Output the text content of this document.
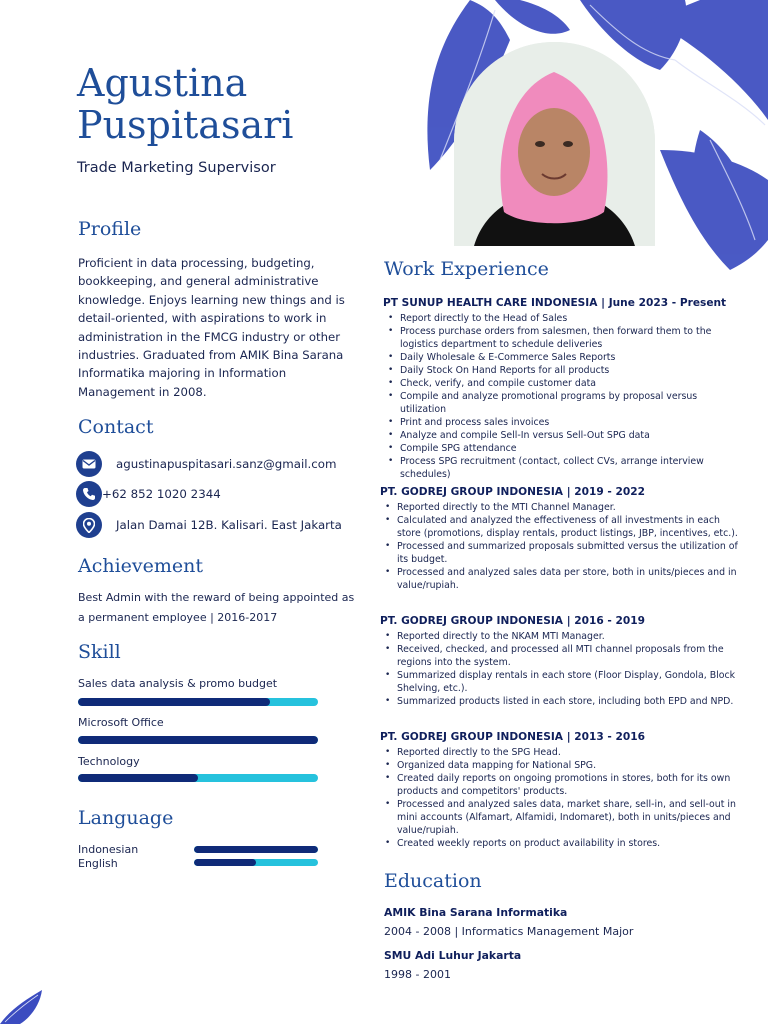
Agustina
Puspitasari
Trade Marketing Supervisor
Profile
Proficient in data processing, budgeting, bookkeeping, and general administrative knowledge. Enjoys learning new things and is detail-oriented, with aspirations to work in administration in the FMCG industry or other industries. Graduated from AMIK Bina Sarana Informatika majoring in Information Management in 2008.
Contact
agustinapuspitasari.sanz@gmail.com
+62 852 1020 2344
Jalan Damai 12B. Kalisari. East Jakarta
Achievement
Best Admin with the reward of being appointed as a permanent employee | 2016-2017
Skill
Sales data analysis & promo budget
Microsoft Office
Technology
Language
Indonesian
English
Work Experience
PT SUNUP HEALTH CARE INDONESIA | June 2023 - Present
• Report directly to the Head of Sales
• Process purchase orders from salesmen, then forward them to the logistics department to schedule deliveries
• Daily Wholesale & E-Commerce Sales Reports
• Daily Stock On Hand Reports for all products
• Check, verify, and compile customer data
• Compile and analyze promotional programs by proposal versus utilization
• Print and process sales invoices
• Analyze and compile Sell-In versus Sell-Out SPG data
• Compile SPG attendance
• Process SPG recruitment (contact, collect CVs, arrange interview schedules)
PT. GODREJ GROUP INDONESIA | 2019 - 2022
• Reported directly to the MTI Channel Manager.
• Calculated and analyzed the effectiveness of all investments in each store (promotions, display rentals, product listings, JBP, incentives, etc.).
• Processed and summarized proposals submitted versus the utilization of its budget.
• Processed and analyzed sales data per store, both in units/pieces and in value/rupiah.
PT. GODREJ GROUP INDONESIA | 2016 - 2019
• Reported directly to the NKAM MTI Manager.
• Received, checked, and processed all MTI channel proposals from the regions into the system.
• Summarized display rentals in each store (Floor Display, Gondola, Block Shelving, etc.).
• Summarized products listed in each store, including both EPD and NPD.
PT. GODREJ GROUP INDONESIA | 2013 - 2016
• Reported directly to the SPG Head.
• Organized data mapping for National SPG.
• Created daily reports on ongoing promotions in stores, both for its own products and competitors' products.
• Processed and analyzed sales data, market share, sell-in, and sell-out in mini accounts (Alfamart, Alfamidi, Indomaret), both in units/pieces and value/rupiah.
• Created weekly reports on product availability in stores.
Education
AMIK Bina Sarana Informatika
2004 - 2008 | Informatics Management Major
SMU Adi Luhur Jakarta
1998 - 2001
